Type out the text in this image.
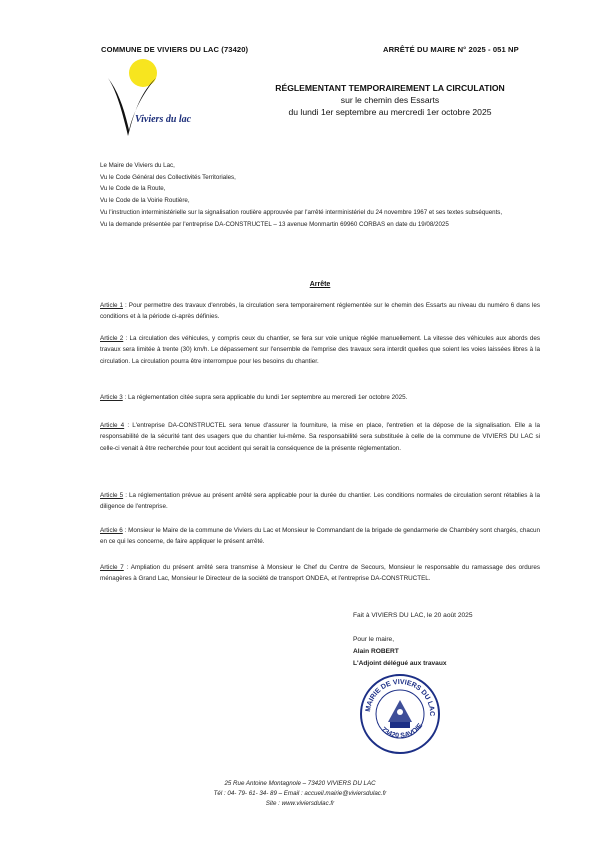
COMMUNE DE VIVIERS DU LAC (73420)	ARRÊTÉ DU MAIRE N° 2025 - 051 NP
Viviers du lac
RÉGLEMENTANT TEMPORAIREMENT LA CIRCULATION
sur le chemin des Essarts
du lundi 1er septembre au mercredi 1er octobre 2025
Le Maire de Viviers du Lac,
Vu le Code Général des Collectivités Territoriales,
Vu le Code de la Route,
Vu le Code de la Voirie Routière,
Vu l'instruction interministérielle sur la signalisation routière approuvée par l'arrêté interministériel du 24 novembre 1967 et ses textes subséquents,
Vu la demande présentée par l'entreprise DA-CONSTRUCTEL – 13 avenue Monmartin 69960 CORBAS en date du 19/08/2025
Arrête
Article 1 : Pour permettre des travaux d'enrobés, la circulation sera temporairement réglementée sur le chemin des Essarts au niveau du numéro 6 dans les conditions et à la période ci-après définies.
Article 2 : La circulation des véhicules, y compris ceux du chantier, se fera sur voie unique réglée manuellement. La vitesse des véhicules aux abords des travaux sera limitée à trente (30) km/h. Le dépassement sur l'ensemble de l'emprise des travaux sera interdit quelles que soient les voies laissées libres à la circulation. La circulation pourra être interrompue pour les besoins du chantier.
Article 3 : La réglementation citée supra sera applicable du lundi 1er septembre au mercredi 1er octobre 2025.
Article 4 : L'entreprise DA-CONSTRUCTEL sera tenue d'assurer la fourniture, la mise en place, l'entretien et la dépose de la signalisation. Elle a la responsabilité de la sécurité tant des usagers que du chantier lui-même. Sa responsabilité sera substituée à celle de la commune de VIVIERS DU LAC si celle-ci venait à être recherchée pour tout accident qui serait la conséquence de la présente réglementation.
Article 5 : La réglementation prévue au présent arrêté sera applicable pour la durée du chantier. Les conditions normales de circulation seront rétablies à la diligence de l'entreprise.
Article 6 : Monsieur le Maire de la commune de Viviers du Lac et Monsieur le Commandant de la brigade de gendarmerie de Chambéry sont chargés, chacun en ce qui les concerne, de faire appliquer le présent arrêté.
Article 7 : Ampliation du présent arrêté sera transmise à Monsieur le Chef du Centre de Secours, Monsieur le responsable du ramassage des ordures ménagères à Grand Lac, Monsieur le Directeur de la société de transport ONDEA, et l'entreprise DA-CONSTRUCTEL.
Fait à VIVIERS DU LAC, le 20 août 2025
Pour le maire,
Alain ROBERT
L'Adjoint délégué aux travaux
MAIRIE DE VIVIERS DU LAC
73420 SAVOIE
25 Rue Antoine Montagnole – 73420 VIVIERS DU LAC
Tél : 04- 79- 61- 34- 89 – Email : accueil.mairie@viviersdulac.fr
Site : www.viviersdulac.fr
